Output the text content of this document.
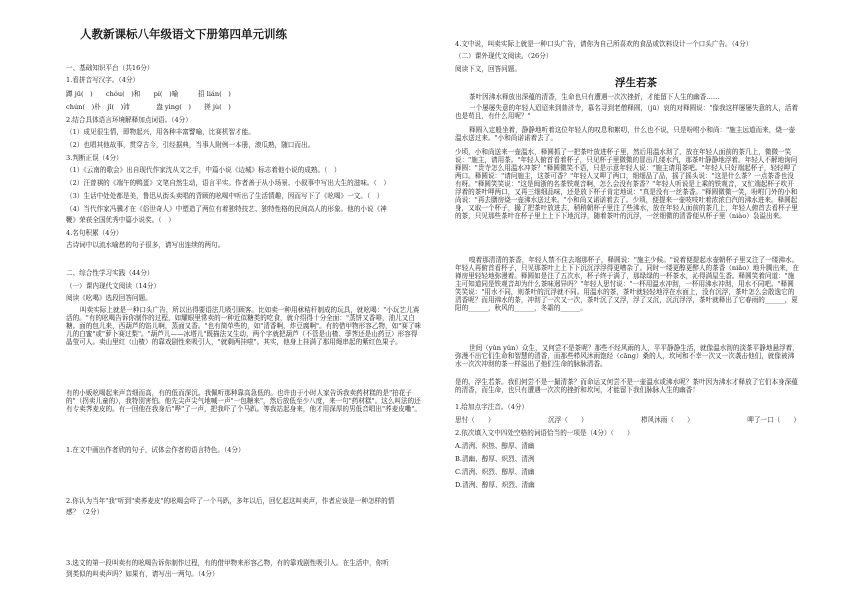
人教新课标八年级语文下册第四单元训练
一、基础知识平台（共16分）
1.看拼音写汉字。（4分）
蹲 jū(　)　　chóu(　)和　　pí(　)喻　　　招 lián(　)
chún(　)朴　jǐ(　)沛　　　　盎 yìng(　)　　搓 jù(　)
2.结合具体语言环境解释加点词语。（4分）
（1）成见很生情，即物起兴，用各种丰富譬喻，比赛机智才能。
（2）也唱其他故事，贯穿古今，引经据典，当事人附例一本册，滚瓜熟，随口而出。
3.判断正误（4分）
（1）《云南的歌会》出自现代作家沈从文之手，中篇小说《边城》标志着他小说的成熟。（　）
（2）汪曾祺的《端午的鸭蛋》文笔自然生动，语言平实。作者善于从小场景、小叙事中写出大生的滋味。（　）
（3）生话中处处都是美，鲁迅从街头卖唱的背顾的吆喝中听出了生活情趣，因而写下了《吆喝》一文。（　）
（4）当代作家冯骥才在《俗世奇人》中塑造了两位有着独特技艺、独特性格的民间高人的形象。他的小说《神
鞭》荣获全国优秀中篇小说奖。（　）
4.名句积累（4分）
古诗词中以流水喻愁的句子很多，请写出连续的两句。
二、综合性学习实践（44分）
（一）课内现代文阅读（14分）
阅读《吆喝》选段回答问题。
叫卖实际上就是一种口头广告，所以出得要语法几吸引顾客。比如卖一种用秫秸秆制成的玩具，就吆喝："小玩艺儿赛活的。"有的吆喝告诉你制作的过程，如耀眼里常卖的一种近似糖类的吃食，就介绍得十分全面："蒸饼又香啡，油儿又白糖。面的包儿来，西葫芦的馅儿啊，蒸面又香。"也有简单些的，如"清香啊，炸豆腐啊"。有的借甲物形容乙物，如"赛了咪儿的白蜜"或"萝卜赛过梨"。"葫芦儿——冰塔儿"既描法又生动，两个字就把葫芦（不管是山楂、荸荠还是山药豆）形容得晶莹可人。卖山里红（山楂）的靠戏剧性来吸引人，"就剩两挂啦"。其实，他身上挂满了那用绳串起的紫红色果子。
有的小贩吆喝起来声音细而高，有的低而深沉。我佩听那种靠高急低的。也许由于小时人家告诉我卖药材糕的是"拍花子的"（拐卖儿童的），我特别害怕。他先尖声尖气地喊一声"一包糖来"，然后放低至少八度，来一句"药材糕"。这么叫法的还有专卖荠麦皮的。有一回他在我身后"哗"了一声，把我吓了个马趴。等我站起身来，他才用深厚的男低音唱出"荞麦皮嘞"。
1.在文中画出作者欣的句子，试体会作者的语言特色。（4分）
2.你认为当年"我"听到"卖荞麦皮"的吆喝会吓了一个马趴，多年以后，回忆起这叫卖声，作者应该是一种怎样的情
感？（2分）
3.选文的第一段叫卖有的吆喝告诉你制作过程，有的借甲物来形容乙物，有的靠戏剧性吸引人。在生活中，你听
到类似的叫卖声吗？如果有，请写出一两句。（4分）
4.文中说，叫卖实际上就是一种口头广告，请你为自己所喜欢的食品或饮料设计一个口头广告。（4分）
（二）课外现代文阅读。（26分）
阅读下文，回答问题。
浮生若茶
茶叶因沸水释放出深蕴的清香，生命也只有遭遇一次次挫折，才能留下人生的幽香……
一个屡屡失意的年轻人迢迢来到普济寺，慕名寻到老僧释圆，（jū）哀的对释圆说："像我这样屡屡失意的人，活着也是苟且，有什么用呢？"
释圆入定般坐着，静静地听着这位年轻人的叹息和絮叨，什么也不说，只是吩咐小和尚："施主远道而来，烧一壶温水送过来。"小和尚诺诺着去了。
少顷，小和尚送来一壶温水，释圆抓了一把茶叶放进杯子里，然后用温水沏了，放在年轻人面前的茶几上，微微一笑说："施主，请用茶。"年轻人俯首看着杯子，只见杯子里微微的冒出几缕水汽，那茶叶静静地浮着。年轻人不解地询问释圆："贵寺怎么用温水冲茶？"释圆微笑不语，只是示意年轻人说："施主请用茶吧。"年轻人只好端起杯子，轻轻呷了两口。释圆说："请问施主，这茶可香？"年轻人又呷了两口，细细品了品，摇了摇头说："这是什么茶？一点茶香也没有呀。"释圆笑笑说："这是闽浙的名茶铁观音啊，怎么会没有茶香？"年轻人听说是上乘的铁观音，又忙端起杯子吹开浮着的茶叶呷两口，又再三细细品味，还是放下杯子肯定地说："真是没有一丝茶香。"释圆微微一笑，吩咐门外的小和尚说："再去膳房烧一壶沸水送过来。"小和尚又诺诺着去了。少顷，便提来一壶吱吱吐着浓浓白汽的沸水进来。释圆起身，又取一个杯子，撮了把茶叶放进去，稍稍朝杯子里注了些沸水，放在年轻人面前的茶几上，年轻人俯首去看杯子里的茶，只见那些茶叶在杯子里上上下下地沉浮，随着茶叶的沉浮，一丝细微的清香便从杯子里（niào）袅溢出来。
嗅着那清清的茶香，年轻人禁不住去端那杯子，释圆说："施主少候。"说着便提起水壶朝杯子里又注了一缕沸水。年轻人再俯首看杯子，只见那茶叶上上下下沉沉浮浮得更嘈杂了。同时一缕更醇更醉人的茶香（niǎo）地升腾出来，在禅房里轻轻地弥漫着。释圆如是注了五次水，杯子终于满了，那绿绿的一杯茶水，沁得满屋生香。释圆笑着问道："施主可知道同是铁观音却为什么茶味迥异吗？"年轻人思忖说："一杯用温水冲沏，一杯用沸水冲沏，用水不同吧。"释圆笑笑说："用水不同，则茶叶的沉浮就不同。用温水的茶，茶叶就轻轻地浮在水面上，没有沉浮，茶叶怎么会散逸它的清香呢？而用沸水的茶，冲沏了一次又一次，茶叶沉了又浮，浮了又沉，沉沉浮浮，茶叶就释出了它春雨的______，夏阳的______，秋风的______，冬霜的______。
世间（yǔn yǔn）众生，又何尝不是茶呢？那些不经风雨的人，平平静静生活，就像温水沏的淡茶平静地悬浮着，弥漫不出它们生命和智慧的清香，而那些栉风沐雨饱经（cāng）桑的人，坎坷和不幸一次又一次袭击他们，就像被沸水一次次冲沏的茶一样溢出了他们生命的脉脉清香。
是的，浮生若茶。我们何尝不是一撮清茶？而命运又何尝不是一壶温水或沸水呢？茶叶因为沸水才释放了它们本身深蕴的清香，而生命，也只有遭遇一次次的挫折和坎坷，才能留下我们脉脉人生的幽香！
1.给加点字注音。（4分）
思忖（　　）	沉浮（　　）	栉风沐雨（　　）	呷了一口（　　）
2.依次填入文中四处空格的词语恰当的一项是（4分）（　　）
A.清洌、炽热、醇厚、清幽
B.清幽、醇厚、炽烈、清洌
C.清洌、炽烈、醇厚、清幽
D.清洌、醇厚、炽烈、清幽
